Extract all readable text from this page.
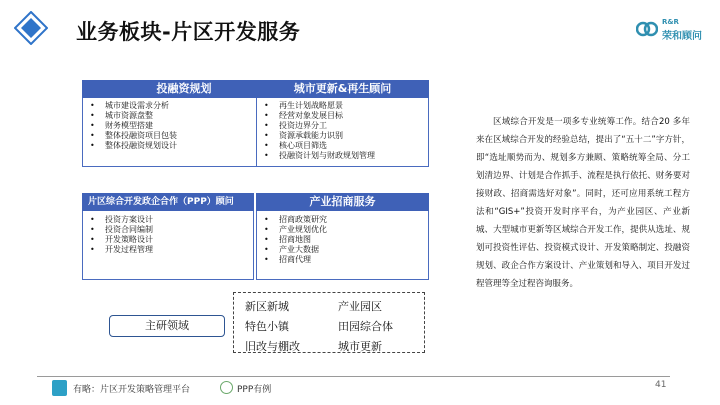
业务板块-片区开发服务	R&R
荣和顾问
投融资规划
• 城市建设需求分析
• 城市资源盘整
• 财务模型搭建
• 整体投融资项目包装
• 整体投融资规划设计
城市更新&再生顾问
• 再生计划战略愿景
• 经营对象发展目标
• 投资边界分工
• 资源承载能力识别
• 核心项目筛选
• 投融资计划与财政规划管理
片区综合开发政企合作（PPP）顾问
• 投资方案设计
• 投资合同编制
• 开发策略设计
• 开发过程管理
产业招商服务
• 招商政策研究
• 产业规划优化
• 招商地图
• 产业大数据
• 招商代理
主研领域
新区新城	产业园区
特色小镇	田园综合体
旧改与棚改	城市更新

区域综合开发是一项多专业统筹工作。结合20 多年来在区域综合开发的经验总结，提出了“五十二”字方针，即“选址顺势而为、规划多方兼顾、策略统筹全局、分工划清边界、计划是合作抓手、流程是执行依托、财务要对接财政、招商需选好对象”。同时，还可应用系统工程方法和“GIS+”投资开发时序平台，为产业园区、产业新城、大型城市更新等区域综合开发工作，提供从选址、规划可投资性评估、投资模式设计、开发策略制定、投融资规划、政企合作方案设计、产业策划和导入、项目开发过程管理等全过程咨询服务。

有略：片区开发策略管理平台	PPP有例	41
